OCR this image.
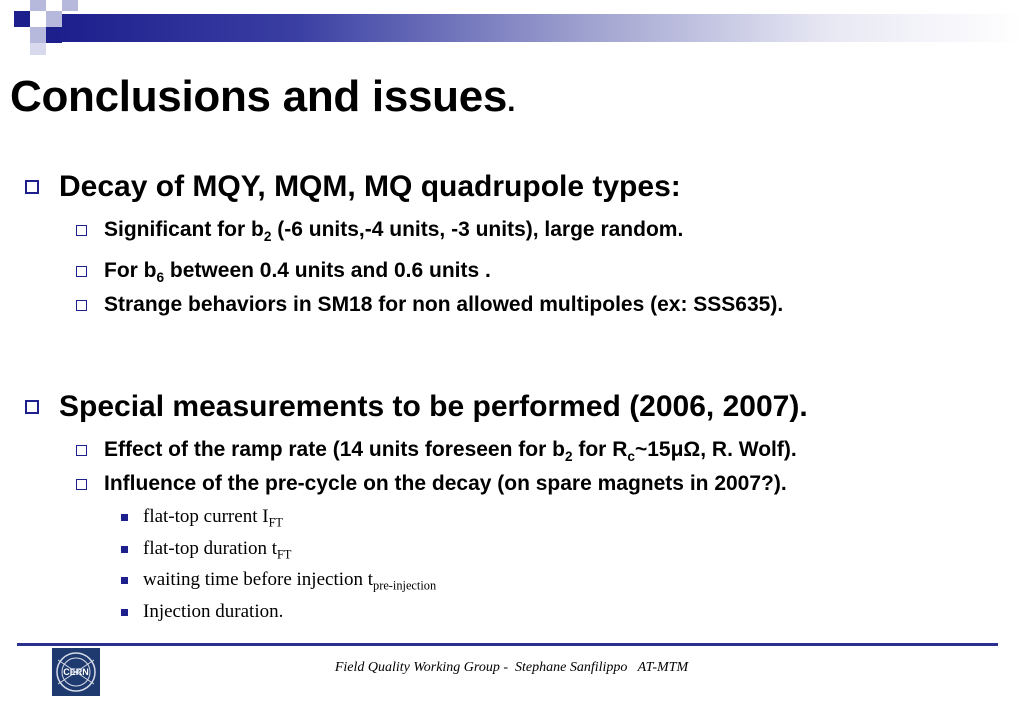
Conclusions and issues.
Decay of MQY, MQM, MQ quadrupole types:
Significant for $b_2$ (-6 units,-4 units, -3 units), large random.
For $b_6$ between 0.4 units and 0.6 units .
Strange behaviors in SM18 for non allowed multipoles (ex: SSS635).
Special measurements to be performed (2006, 2007).
Effect of the ramp rate (14 units foreseen for $b_2$ for $R_c\sim 15\mu\Omega$, R. Wolf).
Influence of the pre-cycle on the decay (on spare magnets in 2007?).
flat-top current $I_{FT}$
flat-top duration $t_{FT}$
waiting time before injection $t_{pre-injection}$
Injection duration.
CERN	Field Quality Working Group -  Stephane Sanfilippo   AT-MTM
